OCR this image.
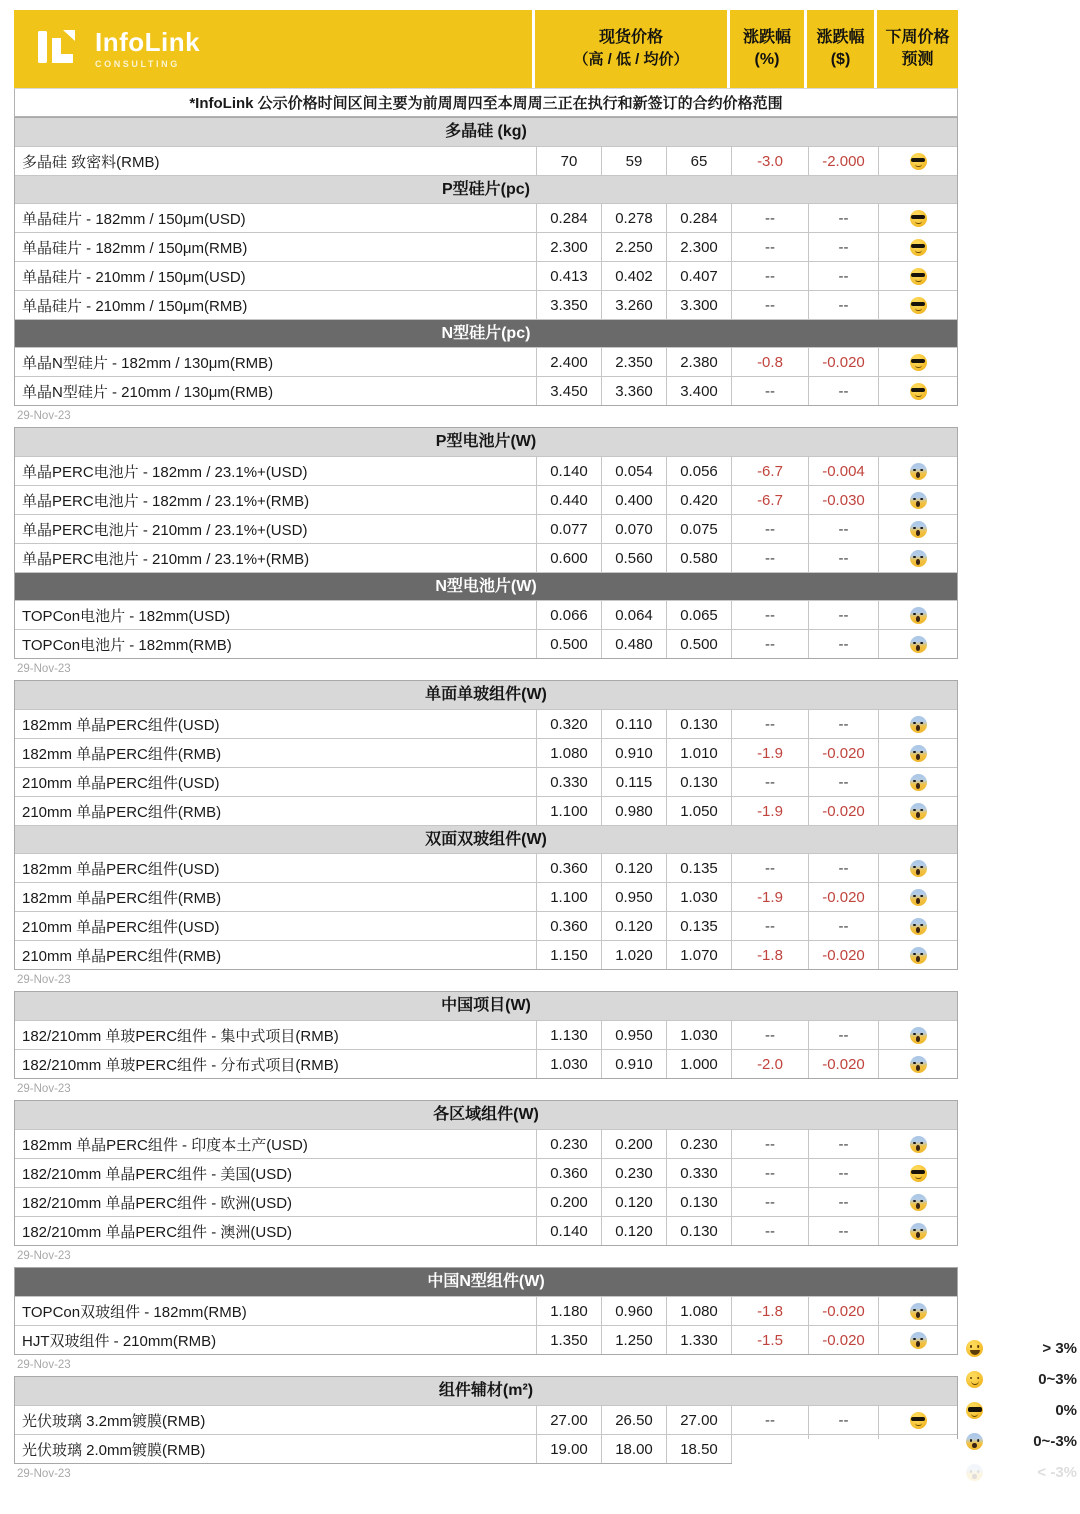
InfoLink
CONSULTING
现货价格
（高 / 低 / 均价）
涨跌幅
(%)
涨跌幅
($)
下周价格
预测
*InfoLink 公示价格时间区间主要为前周周四至本周周三正在执行和新签订的合约价格范围
多晶硅 (kg)
多晶硅 致密料(RMB)	70	59	65	-3.0	-2.000
P型硅片(pc)
单晶硅片 - 182mm / 150μm(USD)	0.284	0.278	0.284	--	--
单晶硅片 - 182mm / 150μm(RMB)	2.300	2.250	2.300	--	--
单晶硅片 - 210mm / 150μm(USD)	0.413	0.402	0.407	--	--
单晶硅片 - 210mm / 150μm(RMB)	3.350	3.260	3.300	--	--
N型硅片(pc)
单晶N型硅片 - 182mm / 130μm(RMB)	2.400	2.350	2.380	-0.8	-0.020
单晶N型硅片 - 210mm / 130μm(RMB)	3.450	3.360	3.400	--	--
29-Nov-23
P型电池片(W)
单晶PERC电池片 - 182mm / 23.1%+(USD)	0.140	0.054	0.056	-6.7	-0.004
单晶PERC电池片 - 182mm / 23.1%+(RMB)	0.440	0.400	0.420	-6.7	-0.030
单晶PERC电池片 - 210mm / 23.1%+(USD)	0.077	0.070	0.075	--	--
单晶PERC电池片 - 210mm / 23.1%+(RMB)	0.600	0.560	0.580	--	--
N型电池片(W)
TOPCon电池片 - 182mm(USD)	0.066	0.064	0.065	--	--
TOPCon电池片 - 182mm(RMB)	0.500	0.480	0.500	--	--
29-Nov-23
单面单玻组件(W)
182mm 单晶PERC组件(USD)	0.320	0.110	0.130	--	--
182mm 单晶PERC组件(RMB)	1.080	0.910	1.010	-1.9	-0.020
210mm 单晶PERC组件(USD)	0.330	0.115	0.130	--	--
210mm 单晶PERC组件(RMB)	1.100	0.980	1.050	-1.9	-0.020
双面双玻组件(W)
182mm 单晶PERC组件(USD)	0.360	0.120	0.135	--	--
182mm 单晶PERC组件(RMB)	1.100	0.950	1.030	-1.9	-0.020
210mm 单晶PERC组件(USD)	0.360	0.120	0.135	--	--
210mm 单晶PERC组件(RMB)	1.150	1.020	1.070	-1.8	-0.020
29-Nov-23
中国项目(W)
182/210mm 单玻PERC组件 - 集中式项目(RMB)	1.130	0.950	1.030	--	--
182/210mm 单玻PERC组件 - 分布式项目(RMB)	1.030	0.910	1.000	-2.0	-0.020
29-Nov-23
各区域组件(W)
182mm 单晶PERC组件 - 印度本土产(USD)	0.230	0.200	0.230	--	--
182/210mm 单晶PERC组件 - 美国(USD)	0.360	0.230	0.330	--	--
182/210mm 单晶PERC组件 - 欧洲(USD)	0.200	0.120	0.130	--	--
182/210mm 单晶PERC组件 - 澳洲(USD)	0.140	0.120	0.130	--	--
29-Nov-23
中国N型组件(W)
TOPCon双玻组件 - 182mm(RMB)	1.180	0.960	1.080	-1.8	-0.020
HJT双玻组件 - 210mm(RMB)	1.350	1.250	1.330	-1.5	-0.020
29-Nov-23
组件辅材(m²)
光伏玻璃 3.2mm镀膜(RMB)	27.00	26.50	27.00	--	--
光伏玻璃 2.0mm镀膜(RMB)	19.00	18.00	18.50
29-Nov-23
> 3%
0~3%
0%
0~-3%
< -3%
